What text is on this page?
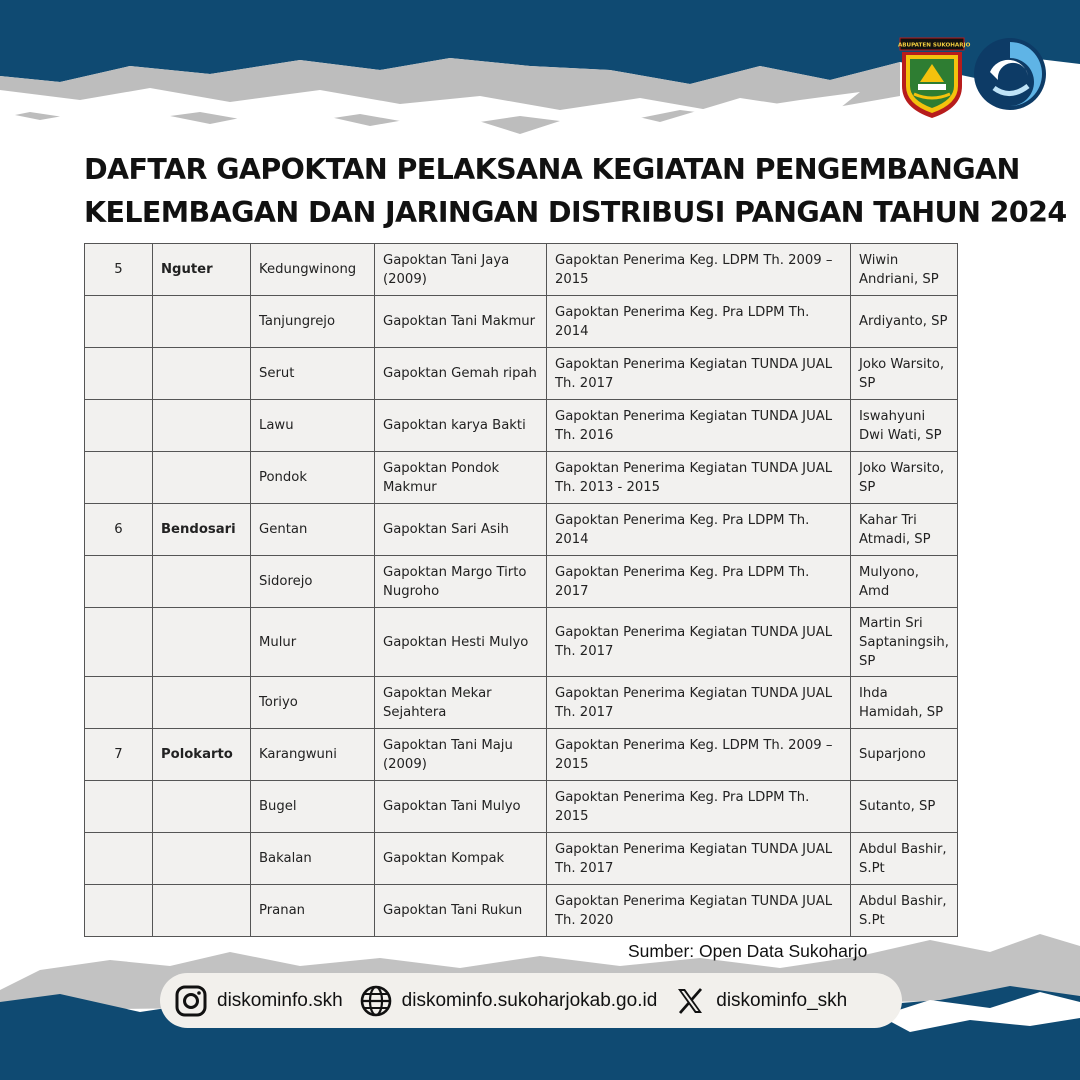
KABUPATEN SUKOHARJO
DAFTAR GAPOKTAN PELAKSANA KEGIATAN PENGEMBANGAN
KELEMBAGAN DAN JARINGAN DISTRIBUSI PANGAN TAHUN 2024
5	Nguter	Kedungwinong	Gapoktan Tani Jaya (2009)	Gapoktan Penerima Keg. LDPM Th. 2009 – 2015	Wiwin Andriani, SP
		Tanjungrejo	Gapoktan Tani Makmur	Gapoktan Penerima Keg. Pra LDPM Th. 2014	Ardiyanto, SP
		Serut	Gapoktan Gemah ripah	Gapoktan Penerima Kegiatan TUNDA JUAL Th. 2017	Joko Warsito, SP
		Lawu	Gapoktan karya Bakti	Gapoktan Penerima Kegiatan TUNDA JUAL Th. 2016	Iswahyuni Dwi Wati, SP
		Pondok	Gapoktan Pondok Makmur	Gapoktan Penerima Kegiatan TUNDA JUAL Th. 2013 - 2015	Joko Warsito, SP
6	Bendosari	Gentan	Gapoktan Sari Asih	Gapoktan Penerima Keg. Pra LDPM Th. 2014	Kahar Tri Atmadi, SP
		Sidorejo	Gapoktan Margo Tirto Nugroho	Gapoktan Penerima Keg. Pra LDPM Th. 2017	Mulyono, Amd
		Mulur	Gapoktan Hesti Mulyo	Gapoktan Penerima Kegiatan TUNDA JUAL Th. 2017	Martin Sri Saptaningsih, SP
		Toriyo	Gapoktan Mekar Sejahtera	Gapoktan Penerima Kegiatan TUNDA JUAL Th. 2017	Ihda Hamidah, SP
7	Polokarto	Karangwuni	Gapoktan Tani Maju (2009)	Gapoktan Penerima Keg. LDPM Th. 2009 – 2015	Suparjono
		Bugel	Gapoktan Tani Mulyo	Gapoktan Penerima Keg. Pra LDPM Th. 2015	Sutanto, SP
		Bakalan	Gapoktan Kompak	Gapoktan Penerima Kegiatan TUNDA JUAL Th. 2017	Abdul Bashir, S.Pt
		Pranan	Gapoktan Tani Rukun	Gapoktan Penerima Kegiatan TUNDA JUAL Th. 2020	Abdul Bashir, S.Pt
Sumber: Open Data Sukoharjo
diskominfo.skh	diskominfo.sukoharjokab.go.id	diskominfo_skh
